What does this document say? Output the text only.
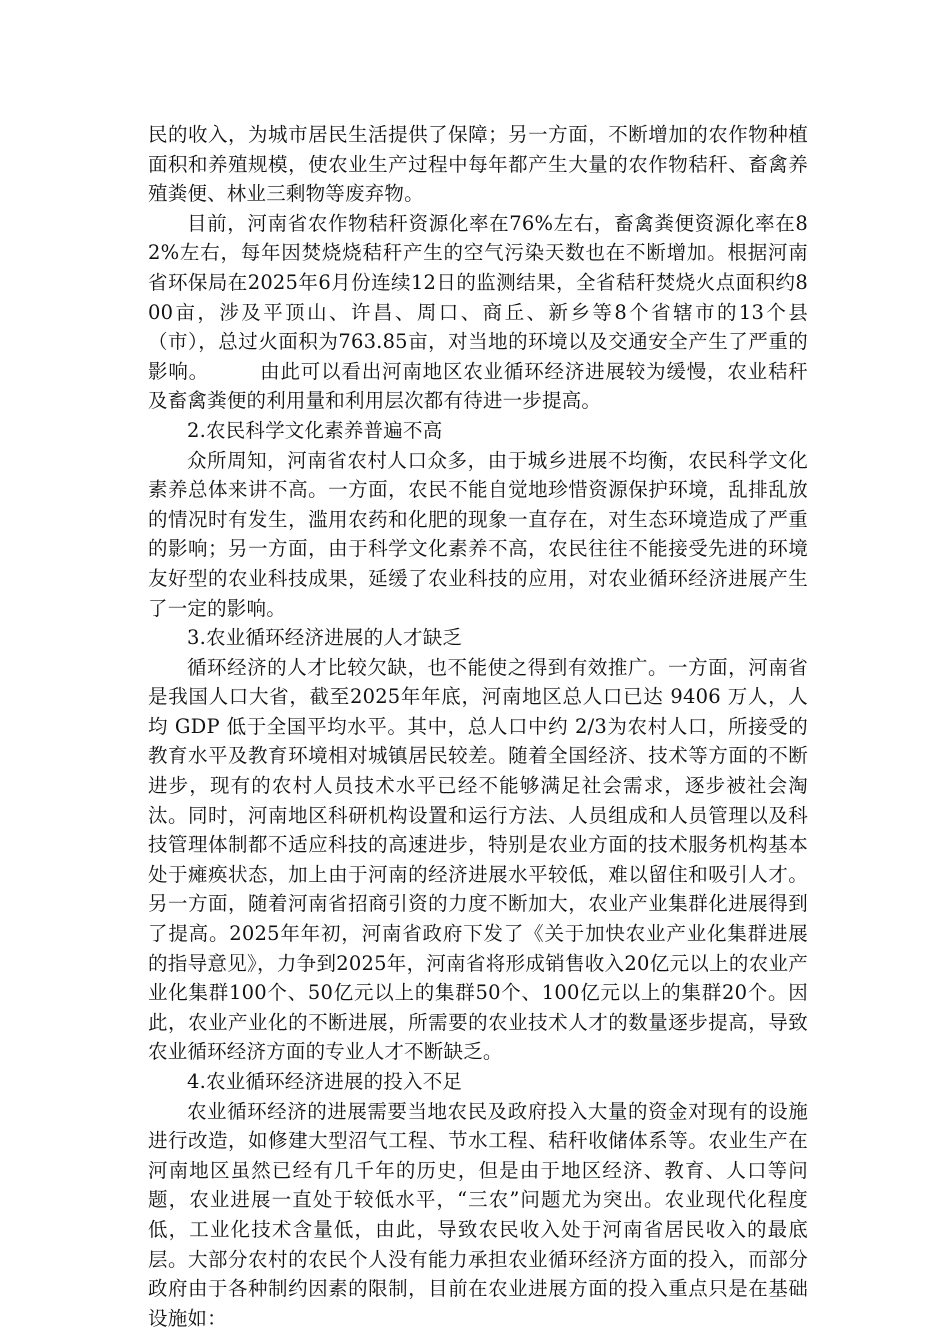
民的收入，为城市居民生活提供了保障；另一方面，不断增加的农作物种植面积和养殖规模，使农业生产过程中每年都产生大量的农作物秸秆、畜禽养殖粪便、林业三剩物等废弃物。

目前，河南省农作物秸秆资源化率在76%左右，畜禽粪便资源化率在82%左右，每年因焚烧烧秸秆产生的空气污染天数也在不断增加。根据河南省环保局在2025年6月份连续12日的监测结果，全省秸秆焚烧火点面积约800亩，涉及平顶山、许昌、周口、商丘、新乡等8个省辖市的13个县（市），总过火面积为763.85亩，对当地的环境以及交通安全产生了严重的影响。　　　由此可以看出河南地区农业循环经济进展较为缓慢，农业秸秆及畜禽粪便的利用量和利用层次都有待进一步提高。

2.农民科学文化素养普遍不高

众所周知，河南省农村人口众多，由于城乡进展不均衡，农民科学文化素养总体来讲不高。一方面，农民不能自觉地珍惜资源保护环境，乱排乱放的情况时有发生，滥用农药和化肥的现象一直存在，对生态环境造成了严重的影响；另一方面，由于科学文化素养不高，农民往往不能接受先进的环境友好型的农业科技成果，延缓了农业科技的应用，对农业循环经济进展产生了一定的影响。

3.农业循环经济进展的人才缺乏

循环经济的人才比较欠缺，也不能使之得到有效推广。一方面，河南省是我国人口大省，截至2025年年底，河南地区总人口已达 9406 万人，人均 GDP 低于全国平均水平。其中，总人口中约 2/3为农村人口，所接受的教育水平及教育环境相对城镇居民较差。随着全国经济、技术等方面的不断进步，现有的农村人员技术水平已经不能够满足社会需求，逐步被社会淘汰。同时，河南地区科研机构设置和运行方法、人员组成和人员管理以及科技管理体制都不适应科技的高速进步，特别是农业方面的技术服务机构基本处于瘫痪状态，加上由于河南的经济进展水平较低，难以留住和吸引人才。另一方面，随着河南省招商引资的力度不断加大，农业产业集群化进展得到了提高。2025年年初，河南省政府下发了《关于加快农业产业化集群进展的指导意见》，力争到2025年，河南省将形成销售收入20亿元以上的农业产业化集群100个、50亿元以上的集群50个、100亿元以上的集群20个。因此，农业产业化的不断进展，所需要的农业技术人才的数量逐步提高，导致农业循环经济方面的专业人才不断缺乏。

4.农业循环经济进展的投入不足

农业循环经济的进展需要当地农民及政府投入大量的资金对现有的设施进行改造，如修建大型沼气工程、节水工程、秸秆收储体系等。农业生产在河南地区虽然已经有几千年的历史，但是由于地区经济、教育、人口等问题，农业进展一直处于较低水平，“三农”问题尤为突出。农业现代化程度低，工业化技术含量低，由此，导致农民收入处于河南省居民收入的最底层。大部分农村的农民个人没有能力承担农业循环经济方面的投入，而部分政府由于各种制约因素的限制，目前在农业进展方面的投入重点只是在基础设施如：
